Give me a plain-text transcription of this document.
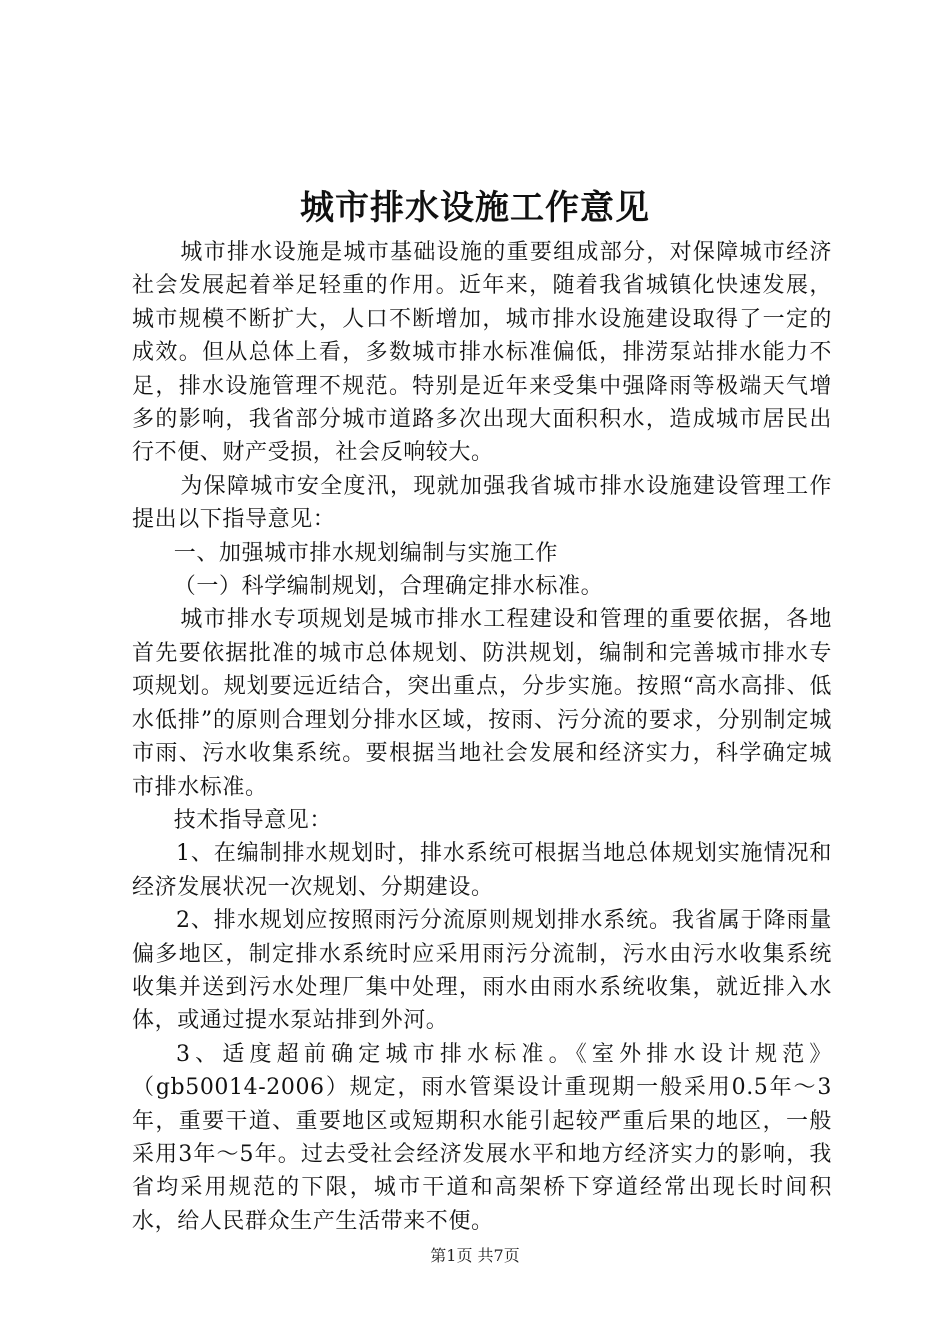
城市排水设施工作意见

城市排水设施是城市基础设施的重要组成部分，对保障城市经济社会发展起着举足轻重的作用。近年来，随着我省城镇化快速发展，城市规模不断扩大，人口不断增加，城市排水设施建设取得了一定的成效。但从总体上看，多数城市排水标准偏低，排涝泵站排水能力不足，排水设施管理不规范。特别是近年来受集中强降雨等极端天气增多的影响，我省部分城市道路多次出现大面积积水，造成城市居民出行不便、财产受损，社会反响较大。

为保障城市安全度汛，现就加强我省城市排水设施建设管理工作提出以下指导意见：

一、加强城市排水规划编制与实施工作

（一）科学编制规划，合理确定排水标准。

城市排水专项规划是城市排水工程建设和管理的重要依据，各地首先要依据批准的城市总体规划、防洪规划，编制和完善城市排水专项规划。规划要远近结合，突出重点，分步实施。按照“高水高排、低水低排”的原则合理划分排水区域，按雨、污分流的要求，分别制定城市雨、污水收集系统。要根据当地社会发展和经济实力，科学确定城市排水标准。

技术指导意见：

1、在编制排水规划时，排水系统可根据当地总体规划实施情况和经济发展状况一次规划、分期建设。

2、排水规划应按照雨污分流原则规划排水系统。我省属于降雨量偏多地区，制定排水系统时应采用雨污分流制，污水由污水收集系统收集并送到污水处理厂集中处理，雨水由雨水系统收集，就近排入水体，或通过提水泵站排到外河。

3、适度超前确定城市排水标准。《室外排水设计规范》（gb50014-2006）规定，雨水管渠设计重现期一般采用0.5年～3年，重要干道、重要地区或短期积水能引起较严重后果的地区，一般采用3年～5年。过去受社会经济发展水平和地方经济实力的影响，我省均采用规范的下限，城市干道和高架桥下穿道经常出现长时间积水，给人民群众生产生活带来不便。

第1页 共7页
